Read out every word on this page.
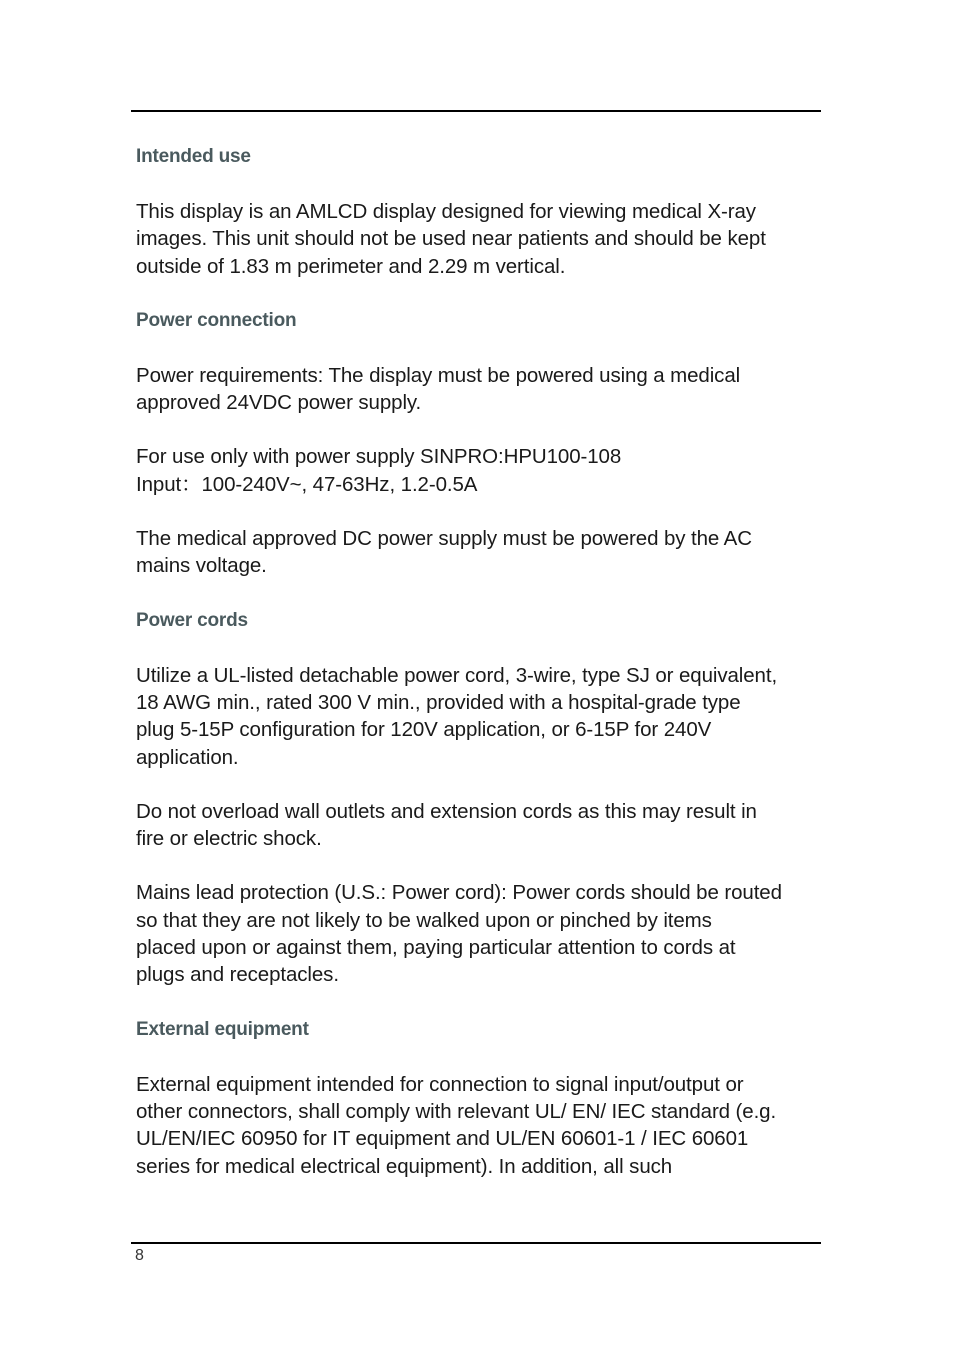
Intended use
This display is an AMLCD display designed for viewing medical X-ray
images. This unit should not be used near patients and should be kept
outside of 1.83 m perimeter and 2.29 m vertical.
Power connection
Power requirements: The display must be powered using a medical
approved 24VDC power supply.
For use only with power supply SINPRO:HPU100-108
Input：100-240V~, 47-63Hz, 1.2-0.5A
The medical approved DC power supply must be powered by the AC
mains voltage.
Power cords
Utilize a UL-listed detachable power cord, 3-wire, type SJ or equivalent,
18 AWG min., rated 300 V min., provided with a hospital-grade type
plug 5-15P configuration for 120V application, or 6-15P for 240V
application.
Do not overload wall outlets and extension cords as this may result in
fire or electric shock.
Mains lead protection (U.S.: Power cord): Power cords should be routed
so that they are not likely to be walked upon or pinched by items
placed upon or against them, paying particular attention to cords at
plugs and receptacles.
External equipment
External equipment intended for connection to signal input/output or
other connectors, shall comply with relevant UL/ EN/ IEC standard (e.g.
UL/EN/IEC 60950 for IT equipment and UL/EN 60601-1 / IEC 60601
series for medical electrical equipment). In addition, all such
8
